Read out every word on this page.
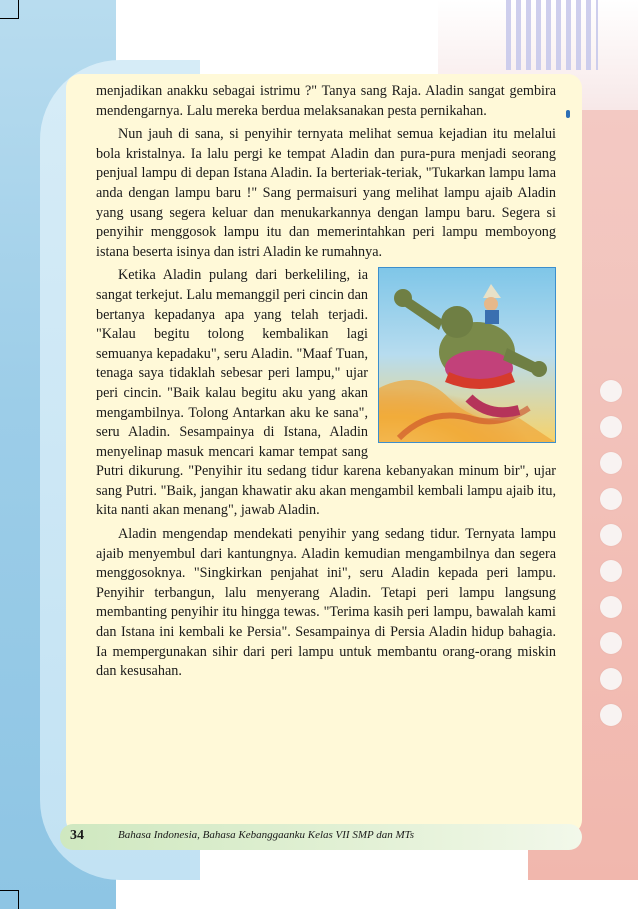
menjadikan anakku sebagai istrimu ?" Tanya sang Raja. Aladin sangat gembira mendengarnya. Lalu mereka berdua melaksanakan pesta pernikahan.

Nun jauh di sana, si penyihir ternyata melihat semua kejadian itu melalui bola kristalnya. Ia lalu pergi ke tempat Aladin dan pura-pura menjadi seorang penjual lampu di depan Istana Aladin. Ia berteriak-teriak, "Tukarkan lampu lama anda dengan lampu baru !" Sang permaisuri yang melihat lampu ajaib Aladin yang usang segera keluar dan menukarkannya dengan lampu baru. Segera si penyihir menggosok lampu itu dan memerintahkan peri lampu memboyong istana beserta isinya dan istri Aladin ke rumahnya.

Ketika Aladin pulang dari berkeliling, ia sangat terkejut. Lalu memanggil peri cincin dan bertanya kepadanya apa yang telah terjadi. "Kalau begitu tolong kembalikan lagi semuanya kepadaku", seru Aladin. "Maaf Tuan, tenaga saya tidaklah sebesar peri lampu," ujar peri cincin. "Baik kalau begitu aku yang akan mengambilnya. Tolong Antarkan aku ke sana", seru Aladin. Sesampainya di Istana, Aladin menyelinap masuk mencari kamar tempat sang Putri dikurung. "Penyihir itu sedang tidur karena kebanyakan minum bir", ujar sang Putri. "Baik, jangan khawatir aku akan mengambil kembali lampu ajaib itu, kita nanti akan menang", jawab Aladin.

Aladin mengendap mendekati penyihir yang sedang tidur. Ternyata lampu ajaib menyembul dari kantungnya. Aladin kemudian mengambilnya dan segera menggosoknya. "Singkirkan penjahat ini", seru Aladin kepada peri lampu. Penyihir terbangun, lalu menyerang Aladin. Tetapi peri lampu langsung membanting penyihir itu hingga tewas. "Terima kasih peri lampu, bawalah kami dan Istana ini kembali ke Persia". Sesampainya di Persia Aladin hidup bahagia. Ia mempergunakan sihir dari peri lampu untuk membantu orang-orang miskin dan kesusahan.

34	Bahasa Indonesia, Bahasa Kebanggaanku Kelas VII SMP dan MTs
